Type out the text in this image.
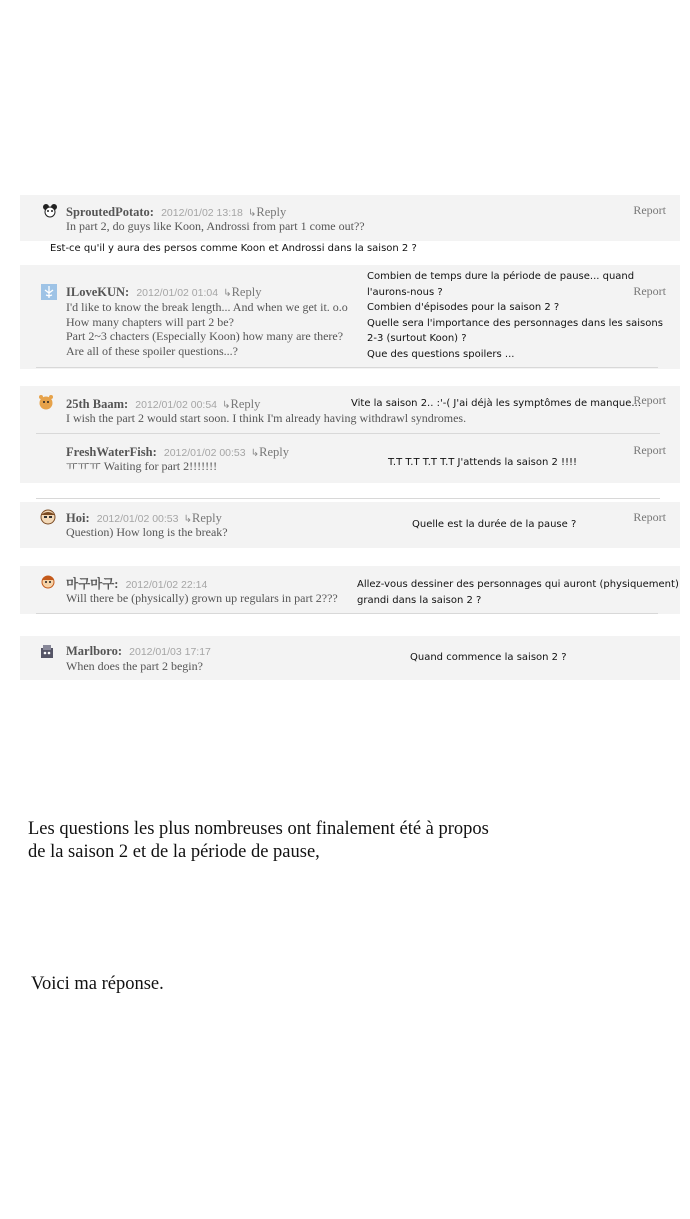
SproutedPotato: 2012/01/02 13:18 ↳Reply
In part 2, do guys like Koon, Androssi from part 1 come out??
Report
Est-ce qu'il y aura des persos comme Koon et Androssi dans la saison 2 ?
ILoveKUN: 2012/01/02 01:04 ↳Reply
I'd like to know the break length... And when we get it. o.o
How many chapters will part 2 be?
Part 2~3 chacters (Especially Koon) how many are there?
Are all of these spoiler questions...?
Report
Combien de temps dure la période de pause... quand
l'aurons-nous ?
Combien d'épisodes pour la saison 2 ?
Quelle sera l'importance des personnages dans les saisons
2-3 (surtout Koon) ?
Que des questions spoilers ...
25th Baam: 2012/01/02 00:54 ↳Reply
I wish the part 2 would start soon. I think I'm already having withdrawl syndromes.
Report
Vite la saison 2.. :'-( J'ai déjà les symptômes de manque...
FreshWaterFish: 2012/01/02 00:53 ↳Reply
ㅠㅠㅠ Waiting for part 2!!!!!!!
Report
T.T T.T T.T T.T J'attends la saison 2 !!!!
Hoi: 2012/01/02 00:53 ↳Reply
Question) How long is the break?
Report
Quelle est la durée de la pause ?
마구마구: 2012/01/02 22:14
Will there be (physically) grown up regulars in part 2???
Allez-vous dessiner des personnages qui auront (physiquement)
grandi dans la saison 2 ?
Marlboro: 2012/01/03 17:17
When does the part 2 begin?
Quand commence la saison 2 ?
Les questions les plus nombreuses ont finalement été à propos
de la saison 2 et de la période de pause,
Voici ma réponse.
